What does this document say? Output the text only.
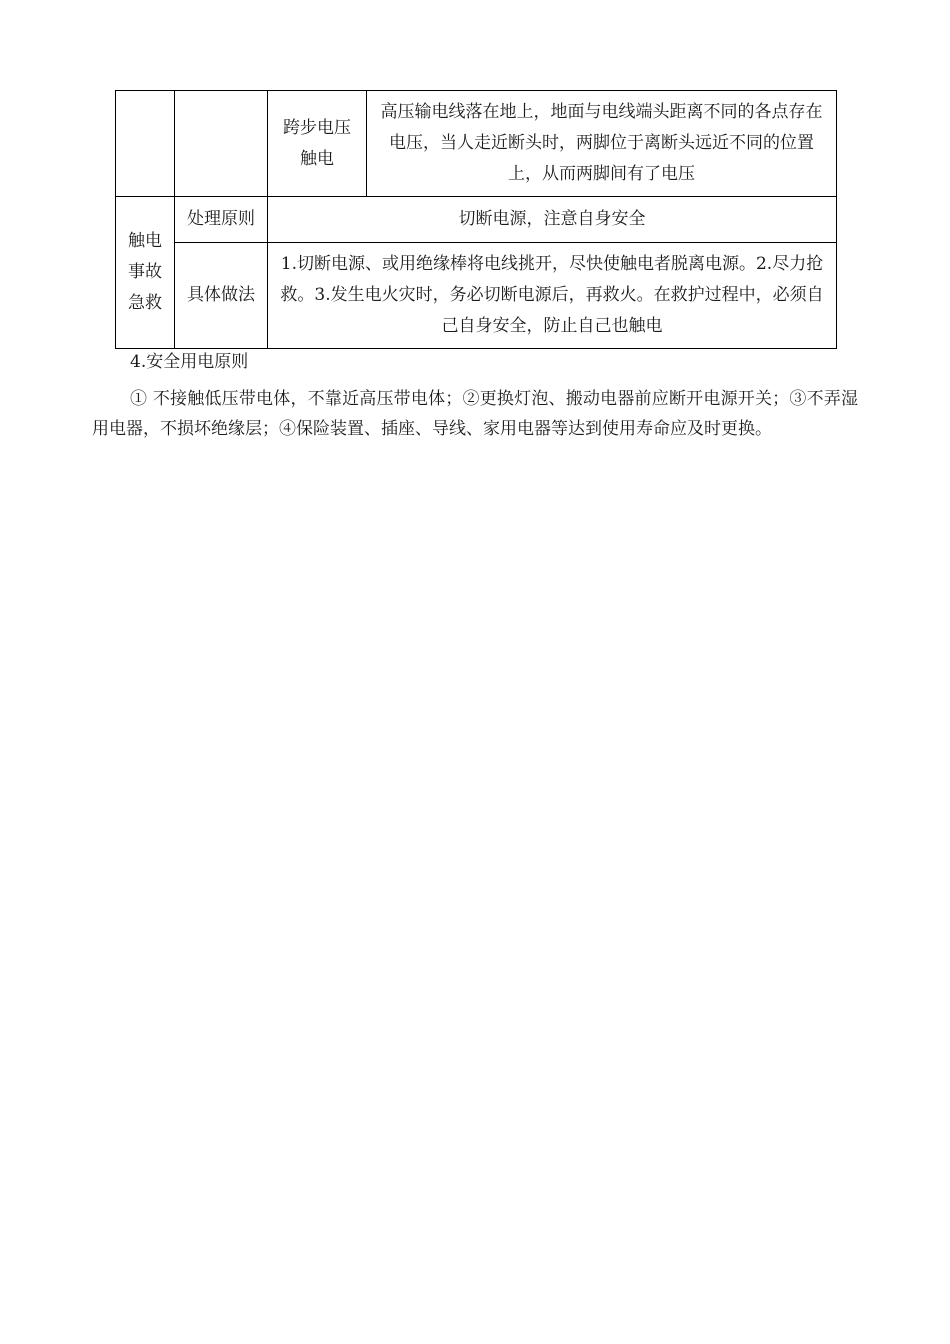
		跨步电压触电	高压输电线落在地上，地面与电线端头距离不同的各点存在电压，当人走近断头时，两脚位于离断头远近不同的位置上，从而两脚间有了电压
触电事故急救	处理原则	切断电源，注意自身安全	
	具体做法	1.切断电源、或用绝缘棒将电线挑开，尽快使触电者脱离电源。2.尽力抢救。3.发生电火灾时，务必切断电源后，再救火。在救护过程中，必须自己自身安全，防止自己也触电	
4.安全用电原则

① 不接触低压带电体，不靠近高压带电体；②更换灯泡、搬动电器前应断开电源开关；③不弄湿用电器，不损坏绝缘层；④保险装置、插座、导线、家用电器等达到使用寿命应及时更换。
